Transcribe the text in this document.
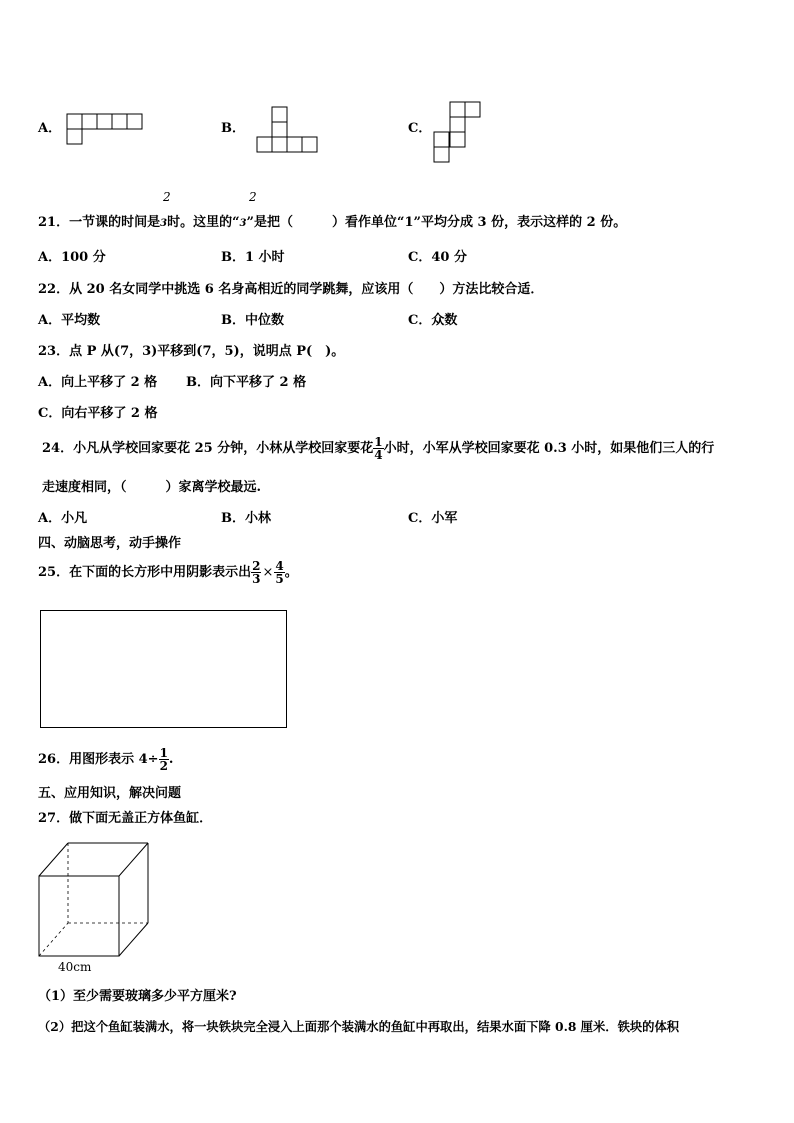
A．	B．	C．
2	2
21．一节课的时间是3时。这里的“3”是把（　　　）看作单位“1”平均分成 3 份，表示这样的 2 份。
A．100 分	B．1 小时	C．40 分
22．从 20 名女同学中挑选 6 名身高相近的同学跳舞，应该用（　　）方法比较合适．
A．平均数	B．中位数	C．众数
23．点 P 从(7，3)平移到(7，5)，说明点 P(　)。
A．向上平移了 2 格 B．向下平移了 2 格
C．向右平移了 2 格
24．小凡从学校回家要花 25 分钟，小林从学校回家要花 $\frac{1}{4}$ 小时，小军从学校回家要花 0.3 小时，如果他们三人的行
走速度相同，（　　　）家离学校最远.
A．小凡	B．小林	C．小军
四、动脑思考，动手操作
25．在下面的长方形中用阴影表示出 $\frac{2}{3} \times \frac{4}{5}$ 。
26．用图形表示 $4\div \frac{1}{2}$ .
五、应用知识，解决问题
27．做下面无盖正方体鱼缸．
40cm
（1）至少需要玻璃多少平方厘米?
（2）把这个鱼缸装满水，将一块铁块完全浸入上面那个装满水的鱼缸中再取出，结果水面下降 0.8 厘米．铁块的体积
